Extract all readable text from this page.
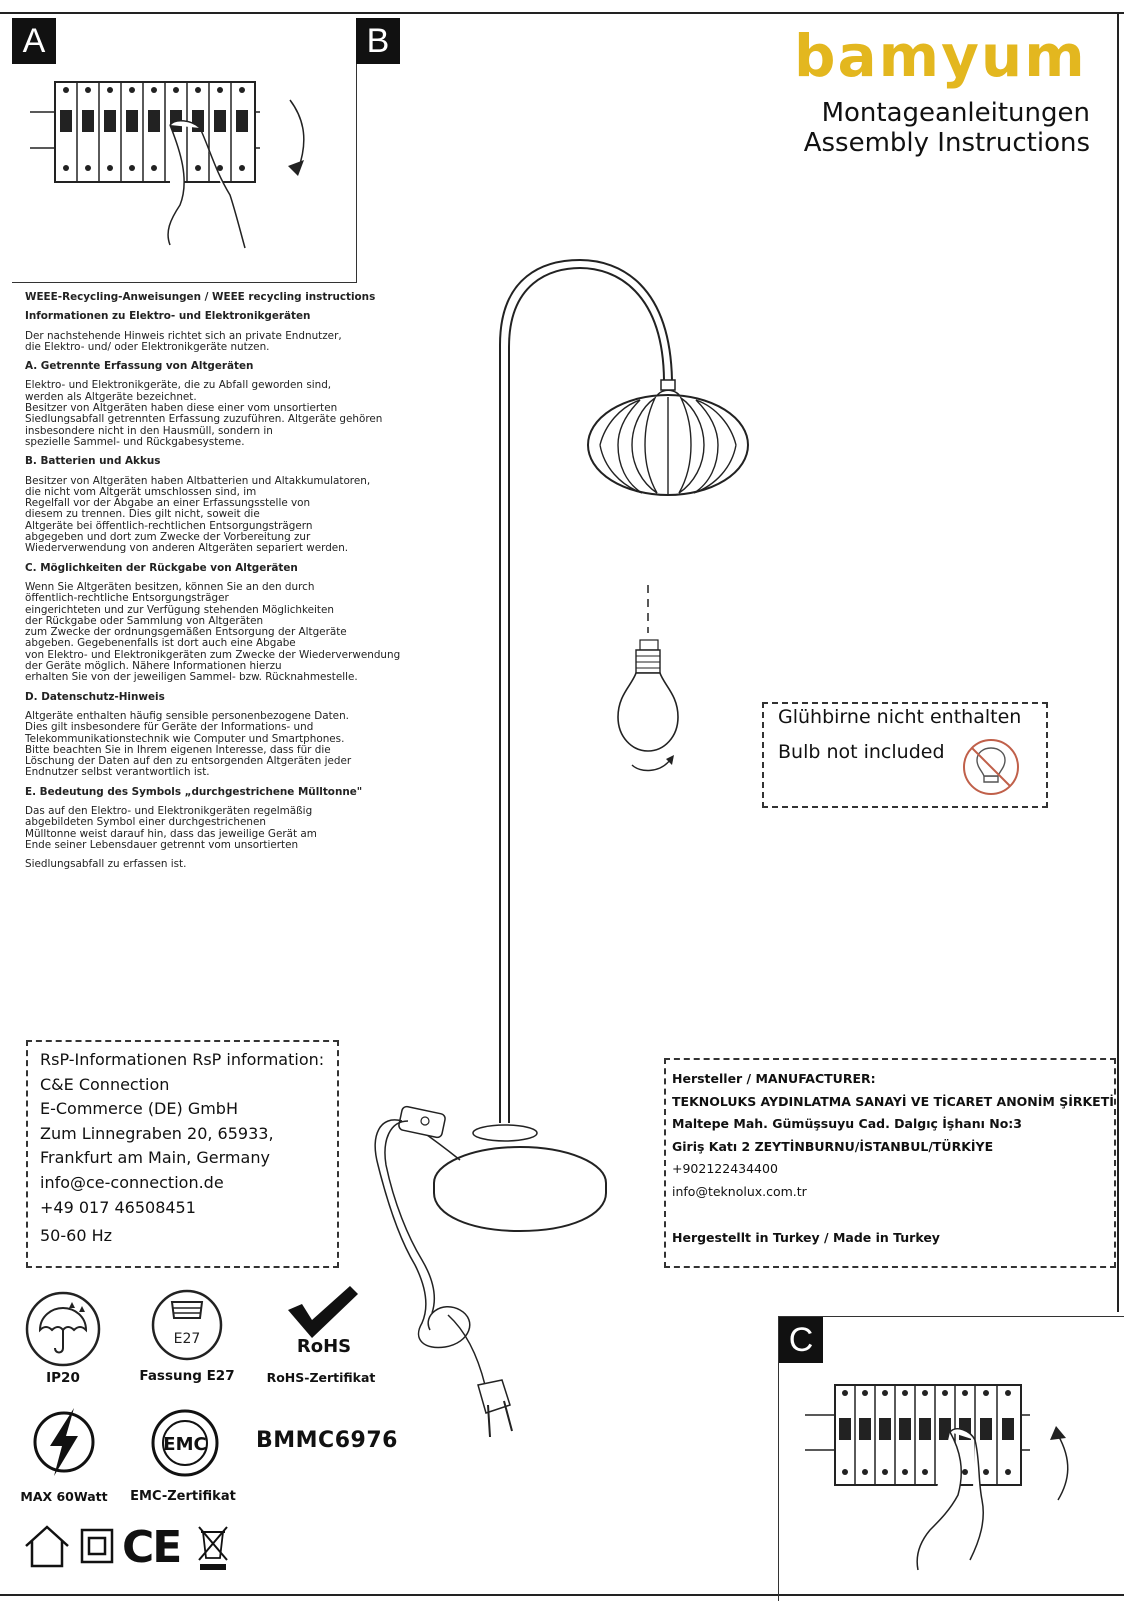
A	B	bamyum
Montageanleitungen
Assembly Instructions
WEEE-Recycling-Anweisungen / WEEE recycling instructions
Informationen zu Elektro- und Elektronikgeräten
Der nachstehende Hinweis richtet sich an private Endnutzer,
die Elektro- und/ oder Elektronikgeräte nutzen.
A. Getrennte Erfassung von Altgeräten
Elektro- und Elektronikgeräte, die zu Abfall geworden sind,
werden als Altgeräte bezeichnet.
Besitzer von Altgeräten haben diese einer vom unsortierten
Siedlungsabfall getrennten Erfassung zuzuführen. Altgeräte gehören
insbesondere nicht in den Hausmüll, sondern in
spezielle Sammel- und Rückgabesysteme.
B. Batterien und Akkus
Besitzer von Altgeräten haben Altbatterien und Altakkumulatoren,
die nicht vom Altgerät umschlossen sind, im
Regelfall vor der Abgabe an einer Erfassungsstelle von
diesem zu trennen. Dies gilt nicht, soweit die
Altgeräte bei öffentlich-rechtlichen Entsorgungsträgern
abgegeben und dort zum Zwecke der Vorbereitung zur
Wiederverwendung von anderen Altgeräten separiert werden.
C. Möglichkeiten der Rückgabe von Altgeräten
Wenn Sie Altgeräten besitzen, können Sie an den durch
öffentlich-rechtliche Entsorgungsträger
eingerichteten und zur Verfügung stehenden Möglichkeiten
der Rückgabe oder Sammlung von Altgeräten
zum Zwecke der ordnungsgemäßen Entsorgung der Altgeräte
abgeben. Gegebenenfalls ist dort auch eine Abgabe
von Elektro- und Elektronikgeräten zum Zwecke der Wiederverwendung
der Geräte möglich. Nähere Informationen hierzu
erhalten Sie von der jeweiligen Sammel- bzw. Rücknahmestelle.
D. Datenschutz-Hinweis
Altgeräte enthalten häufig sensible personenbezogene Daten.
Dies gilt insbesondere für Geräte der Informations- und
Telekommunikationstechnik wie Computer und Smartphones.
Bitte beachten Sie in Ihrem eigenen Interesse, dass für die
Löschung der Daten auf den zu entsorgenden Altgeräten jeder
Endnutzer selbst verantwortlich ist.
E. Bedeutung des Symbols „durchgestrichene Mülltonne"
Das auf den Elektro- und Elektronikgeräten regelmäßig
abgebildeten Symbol einer durchgestrichenen
Mülltonne weist darauf hin, dass das jeweilige Gerät am
Ende seiner Lebensdauer getrennt vom unsortierten
Siedlungsabfall zu erfassen ist.
Glühbirne nicht enthalten
Bulb not included
RsP-Informationen RsP information:
C&E Connection
E-Commerce (DE) GmbH
Zum Linnegraben 20, 65933,
Frankfurt am Main, Germany
info@ce-connection.de
+49 017 46508451
50-60 Hz
Hersteller / MANUFACTURER:
TEKNOLUKS AYDINLATMA SANAYİ VE TİCARET ANONİM ŞİRKETİ
Maltepe Mah. Gümüşsuyu Cad. Dalgıç İşhanı No:3
Giriş Katı 2 ZEYTİNBURNU/İSTANBUL/TÜRKİYE
+902122434400
info@teknolux.com.tr
Hergestellt in Turkey / Made in Turkey
IP20
E27
Fassung E27
RoHS
RoHS-Zertifikat
MAX 60Watt
EMC
EMC-Zertifikat
BMMC6976
CE
C
